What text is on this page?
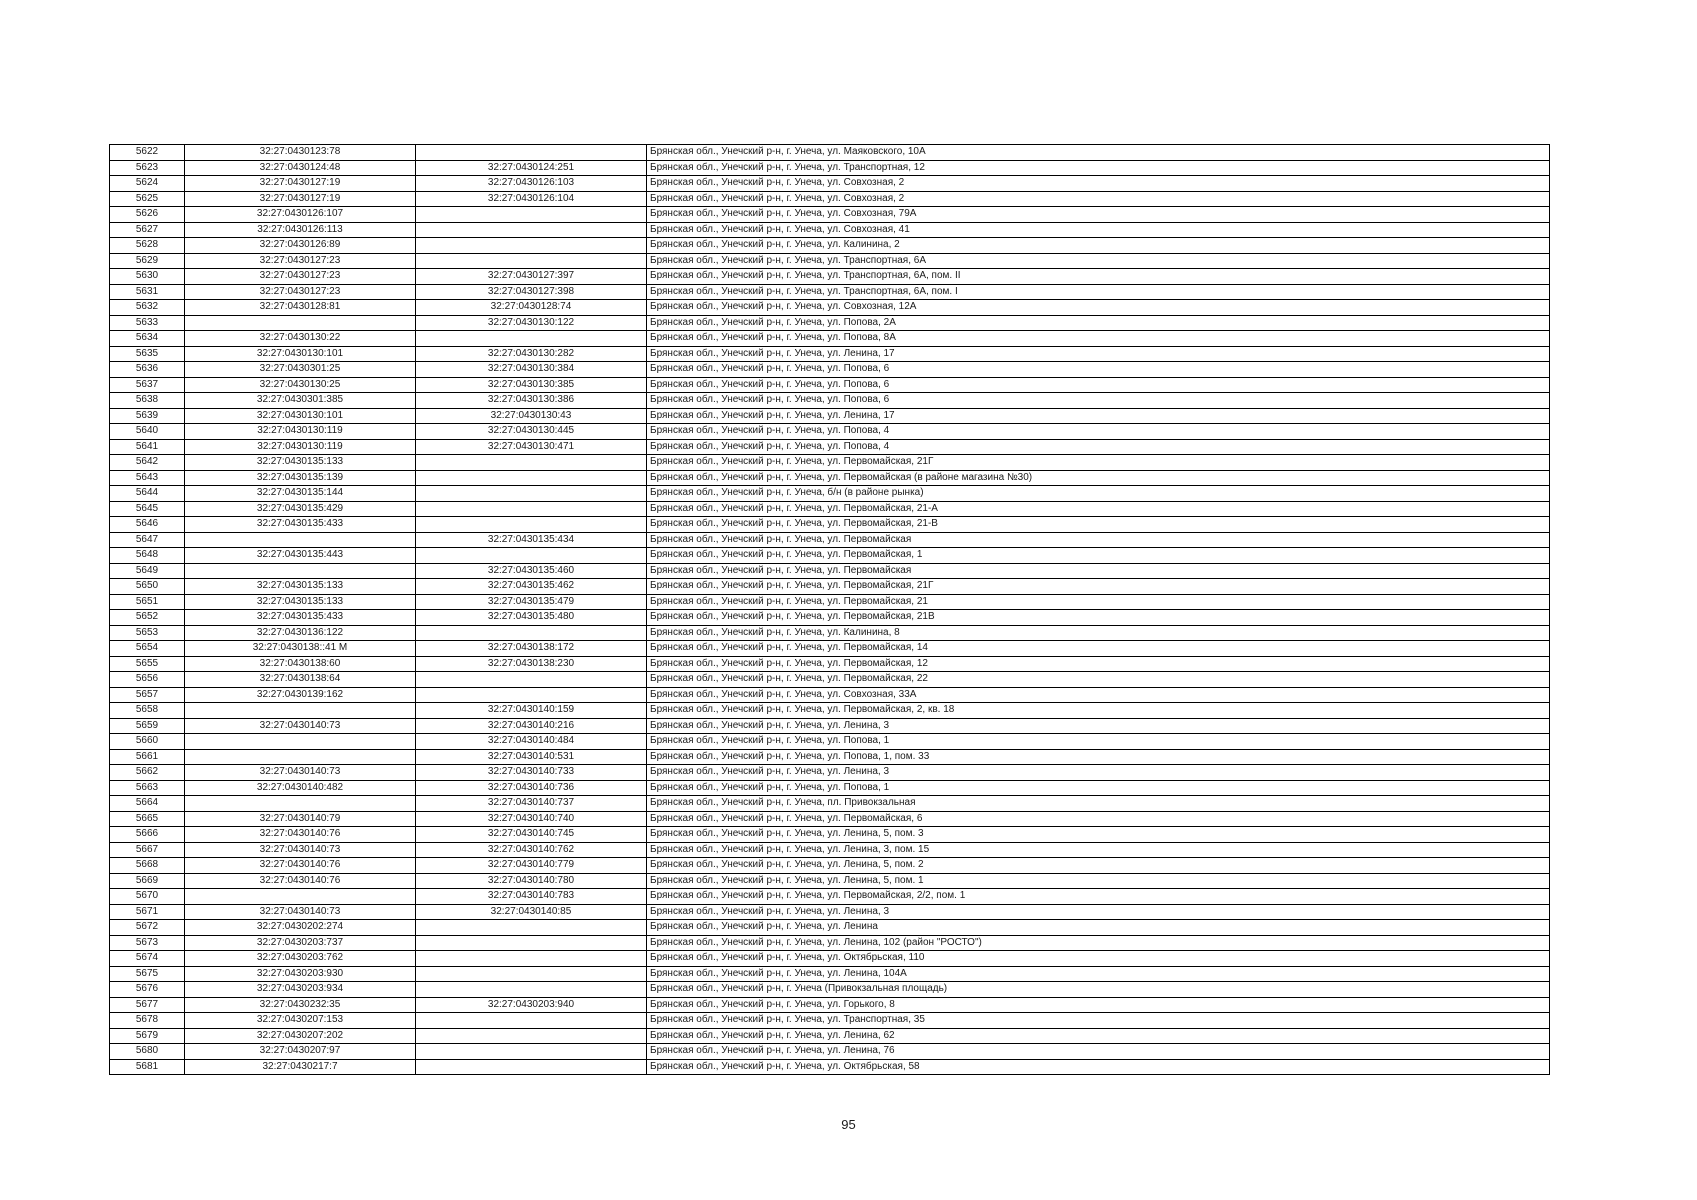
5622	32:27:0430123:78		Брянская обл., Унечский р-н, г. Унеча, ул. Маяковского, 10А
5623	32:27:0430124:48	32:27:0430124:251	Брянская обл., Унечский р-н, г. Унеча, ул. Транспортная, 12
5624	32:27:0430127:19	32:27:0430126:103	Брянская обл., Унечский р-н, г. Унеча, ул. Совхозная, 2
5625	32:27:0430127:19	32:27:0430126:104	Брянская обл., Унечский р-н, г. Унеча, ул. Совхозная, 2
5626	32:27:0430126:107		Брянская обл., Унечский р-н, г. Унеча, ул. Совхозная, 79А
5627	32:27:0430126:113		Брянская обл., Унечский р-н, г. Унеча, ул. Совхозная, 41
5628	32:27:0430126:89		Брянская обл., Унечский р-н, г. Унеча, ул. Калинина, 2
5629	32:27:0430127:23		Брянская обл., Унечский р-н, г. Унеча, ул. Транспортная, 6А
5630	32:27:0430127:23	32:27:0430127:397	Брянская обл., Унечский р-н, г. Унеча, ул. Транспортная, 6А, пом. II
5631	32:27:0430127:23	32:27:0430127:398	Брянская обл., Унечский р-н, г. Унеча, ул. Транспортная, 6А, пом. I
5632	32:27:0430128:81	32:27:0430128:74	Брянская обл., Унечский р-н, г. Унеча, ул. Совхозная, 12А
5633		32:27:0430130:122	Брянская обл., Унечский р-н, г. Унеча, ул. Попова, 2А
5634	32:27:0430130:22		Брянская обл., Унечский р-н, г. Унеча, ул. Попова, 8А
5635	32:27:0430130:101	32:27:0430130:282	Брянская обл., Унечский р-н, г. Унеча, ул. Ленина, 17
5636	32:27:0430301:25	32:27:0430130:384	Брянская обл., Унечский р-н, г. Унеча, ул. Попова, 6
5637	32:27:0430130:25	32:27:0430130:385	Брянская обл., Унечский р-н, г. Унеча, ул. Попова, 6
5638	32:27:0430301:385	32:27:0430130:386	Брянская обл., Унечский р-н, г. Унеча, ул. Попова, 6
5639	32:27:0430130:101	32:27:0430130:43	Брянская обл., Унечский р-н, г. Унеча, ул. Ленина, 17
5640	32:27:0430130:119	32:27:0430130:445	Брянская обл., Унечский р-н, г. Унеча, ул. Попова, 4
5641	32:27:0430130:119	32:27:0430130:471	Брянская обл., Унечский р-н, г. Унеча, ул. Попова, 4
5642	32:27:0430135:133		Брянская обл., Унечский р-н, г. Унеча, ул. Первомайская, 21Г
5643	32:27:0430135:139		Брянская обл., Унечский р-н, г. Унеча, ул. Первомайская (в районе магазина №30)
5644	32:27:0430135:144		Брянская обл., Унечский р-н, г. Унеча, б/н (в районе рынка)
5645	32:27:0430135:429		Брянская обл., Унечский р-н, г. Унеча, ул. Первомайская, 21-А
5646	32:27:0430135:433		Брянская обл., Унечский р-н, г. Унеча, ул. Первомайская, 21-В
5647		32:27:0430135:434	Брянская обл., Унечский р-н, г. Унеча, ул. Первомайская
5648	32:27:0430135:443		Брянская обл., Унечский р-н, г. Унеча, ул. Первомайская, 1
5649		32:27:0430135:460	Брянская обл., Унечский р-н, г. Унеча, ул. Первомайская
5650	32:27:0430135:133	32:27:0430135:462	Брянская обл., Унечский р-н, г. Унеча, ул. Первомайская, 21Г
5651	32:27:0430135:133	32:27:0430135:479	Брянская обл., Унечский р-н, г. Унеча, ул. Первомайская, 21
5652	32:27:0430135:433	32:27:0430135:480	Брянская обл., Унечский р-н, г. Унеча, ул. Первомайская, 21В
5653	32:27:0430136:122		Брянская обл., Унечский р-н, г. Унеча, ул. Калинина, 8
5654	32:27:0430138::41 М	32:27:0430138:172	Брянская обл., Унечский р-н, г. Унеча, ул. Первомайская, 14
5655	32:27:0430138:60	32:27:0430138:230	Брянская обл., Унечский р-н, г. Унеча, ул. Первомайская, 12
5656	32:27:0430138:64		Брянская обл., Унечский р-н, г. Унеча, ул. Первомайская, 22
5657	32:27:0430139:162		Брянская обл., Унечский р-н, г. Унеча, ул. Совхозная, 33А
5658		32:27:0430140:159	Брянская обл., Унечский р-н, г. Унеча, ул. Первомайская, 2, кв. 18
5659	32:27:0430140:73	32:27:0430140:216	Брянская обл., Унечский р-н, г. Унеча, ул. Ленина, 3
5660		32:27:0430140:484	Брянская обл., Унечский р-н, г. Унеча, ул. Попова, 1
5661		32:27:0430140:531	Брянская обл., Унечский р-н, г. Унеча, ул. Попова, 1, пом. 33
5662	32:27:0430140:73	32:27:0430140:733	Брянская обл., Унечский р-н, г. Унеча, ул. Ленина, 3
5663	32:27:0430140:482	32:27:0430140:736	Брянская обл., Унечский р-н, г. Унеча, ул. Попова, 1
5664		32:27:0430140:737	Брянская обл., Унечский р-н, г. Унеча, пл. Привокзальная
5665	32:27:0430140:79	32:27:0430140:740	Брянская обл., Унечский р-н, г. Унеча, ул. Первомайская, 6
5666	32:27:0430140:76	32:27:0430140:745	Брянская обл., Унечский р-н, г. Унеча, ул. Ленина, 5, пом. 3
5667	32:27:0430140:73	32:27:0430140:762	Брянская обл., Унечский р-н, г. Унеча, ул. Ленина, 3, пом. 15
5668	32:27:0430140:76	32:27:0430140:779	Брянская обл., Унечский р-н, г. Унеча, ул. Ленина, 5, пом. 2
5669	32:27:0430140:76	32:27:0430140:780	Брянская обл., Унечский р-н, г. Унеча, ул. Ленина, 5, пом. 1
5670		32:27:0430140:783	Брянская обл., Унечский р-н, г. Унеча, ул. Первомайская, 2/2, пом. 1
5671	32:27:0430140:73	32:27:0430140:85	Брянская обл., Унечский р-н, г. Унеча, ул. Ленина, 3
5672	32:27:0430202:274		Брянская обл., Унечский р-н, г. Унеча, ул. Ленина
5673	32:27:0430203:737		Брянская обл., Унечский р-н, г. Унеча, ул. Ленина, 102 (район "РОСТО")
5674	32:27:0430203:762		Брянская обл., Унечский р-н, г. Унеча, ул. Октябрьская, 110
5675	32:27:0430203:930		Брянская обл., Унечский р-н, г. Унеча, ул. Ленина, 104А
5676	32:27:0430203:934		Брянская обл., Унечский р-н, г. Унеча (Привокзальная площадь)
5677	32:27:0430232:35	32:27:0430203:940	Брянская обл., Унечский р-н, г. Унеча, ул. Горького, 8
5678	32:27:0430207:153		Брянская обл., Унечский р-н, г. Унеча, ул. Транспортная, 35
5679	32:27:0430207:202		Брянская обл., Унечский р-н, г. Унеча, ул. Ленина, 62
5680	32:27:0430207:97		Брянская обл., Унечский р-н, г. Унеча, ул. Ленина, 76
5681	32:27:0430217:7		Брянская обл., Унечский р-н, г. Унеча, ул. Октябрьская, 58
95
